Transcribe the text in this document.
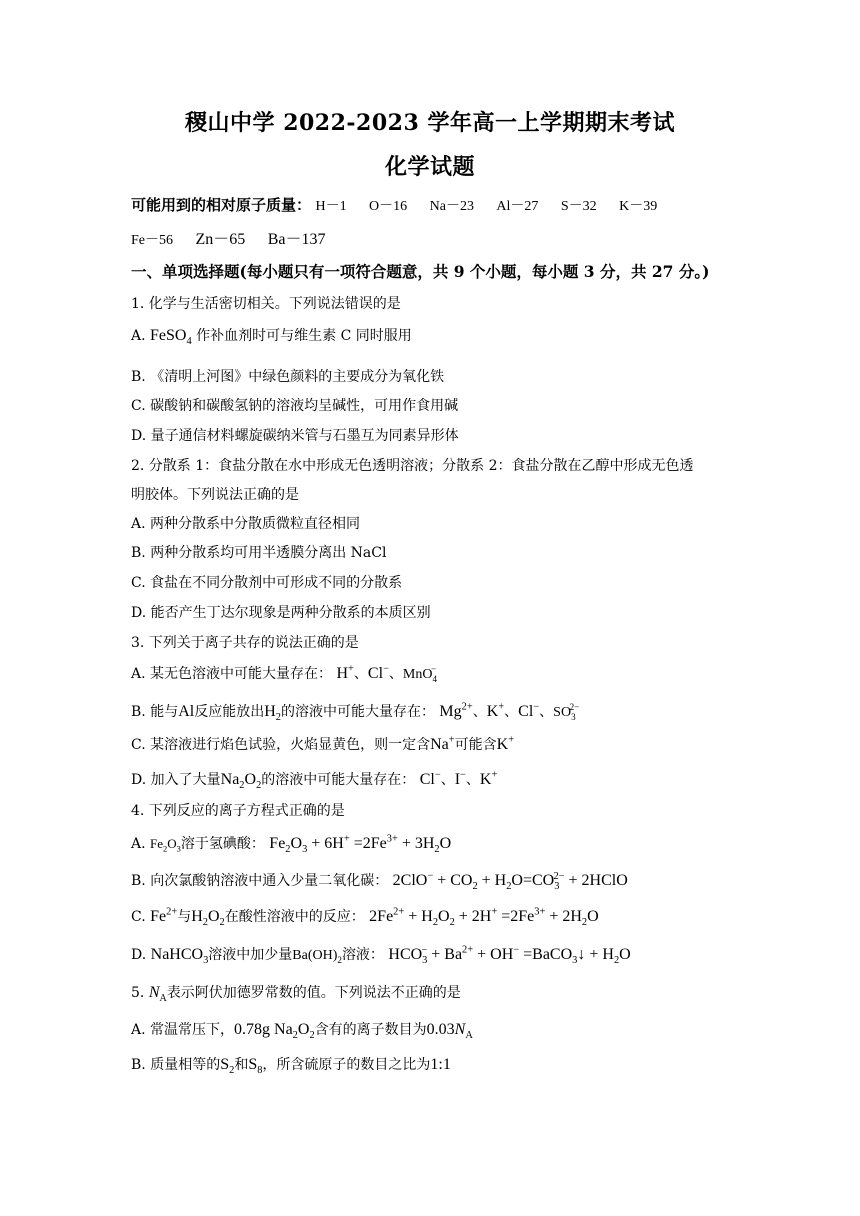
稷山中学 2022-2023 学年高一上学期期末考试
化学试题
可能用到的相对原子质量： H－1 O－16 Na－23 Al－27 S－32 K－39
Fe－56 Zn－65 Ba－137
一、单项选择题(每小题只有一项符合题意，共 9 个小题，每小题 3 分，共 27 分。)
1. 化学与生活密切相关。下列说法错误的是
A. FeSO$_4$ 作补血剂时可与维生素 C 同时服用
B. 《清明上河图》中绿色颜料的主要成分为氧化铁
C. 碳酸钠和碳酸氢钠的溶液均呈碱性，可用作食用碱
D. 量子通信材料螺旋碳纳米管与石墨互为同素异形体
2. 分散系 1：食盐分散在水中形成无色透明溶液；分散系 2：食盐分散在乙醇中形成无色透
明胶体。下列说法正确的是
A. 两种分散系中分散质微粒直径相同
B. 两种分散系均可用半透膜分离出 NaCl
C. 食盐在不同分散剂中可形成不同的分散系
D. 能否产生丁达尔现象是两种分散系的本质区别
3. 下列关于离子共存的说法正确的是
A. 某无色溶液中可能大量存在： H+、Cl−、MnO$_4$−
B. 能与Al反应能放出$H_2$的溶液中可能大量存在： $Mg^{2+}$、K+、Cl−、$SO_3^{2-}$
C. 某溶液进行焰色试验，火焰显黄色，则一定含Na+可能含K+
D. 加入了大量$Na_2O_2$的溶液中可能大量存在： Cl−、I−、K+
4. 下列反应的离子方程式正确的是
A. $Fe_2O_3$溶于氢碘酸： $Fe_2O_3 + 6H^+ =2Fe^{3+} + 3H_2O$
B. 向次氯酸钠溶液中通入少量二氧化碳： $2ClO^- + CO_2 + H_2O=CO_3^{2-}$ + 2HClO
C. $Fe^{2+}$与$H_2O_2$在酸性溶液中的反应： $2Fe^{2+} + H_2O_2 + 2H^+ =2Fe^{3+} + 2H_2O$
D. NaHCO$_3$溶液中加少量$Ba(OH)_2$溶液： $HCO_3^- + Ba^{2+} + OH^-$ =BaCO$_3$↓ + $H_2O$
5. $N_A$表示阿伏加德罗常数的值。下列说法不正确的是
A. 常温常压下，0.78g $Na_2O_2$含有的离子数目为$0.03N_A$
B. 质量相等的$S_2$和$S_8$，所含硫原子的数目之比为1:1
